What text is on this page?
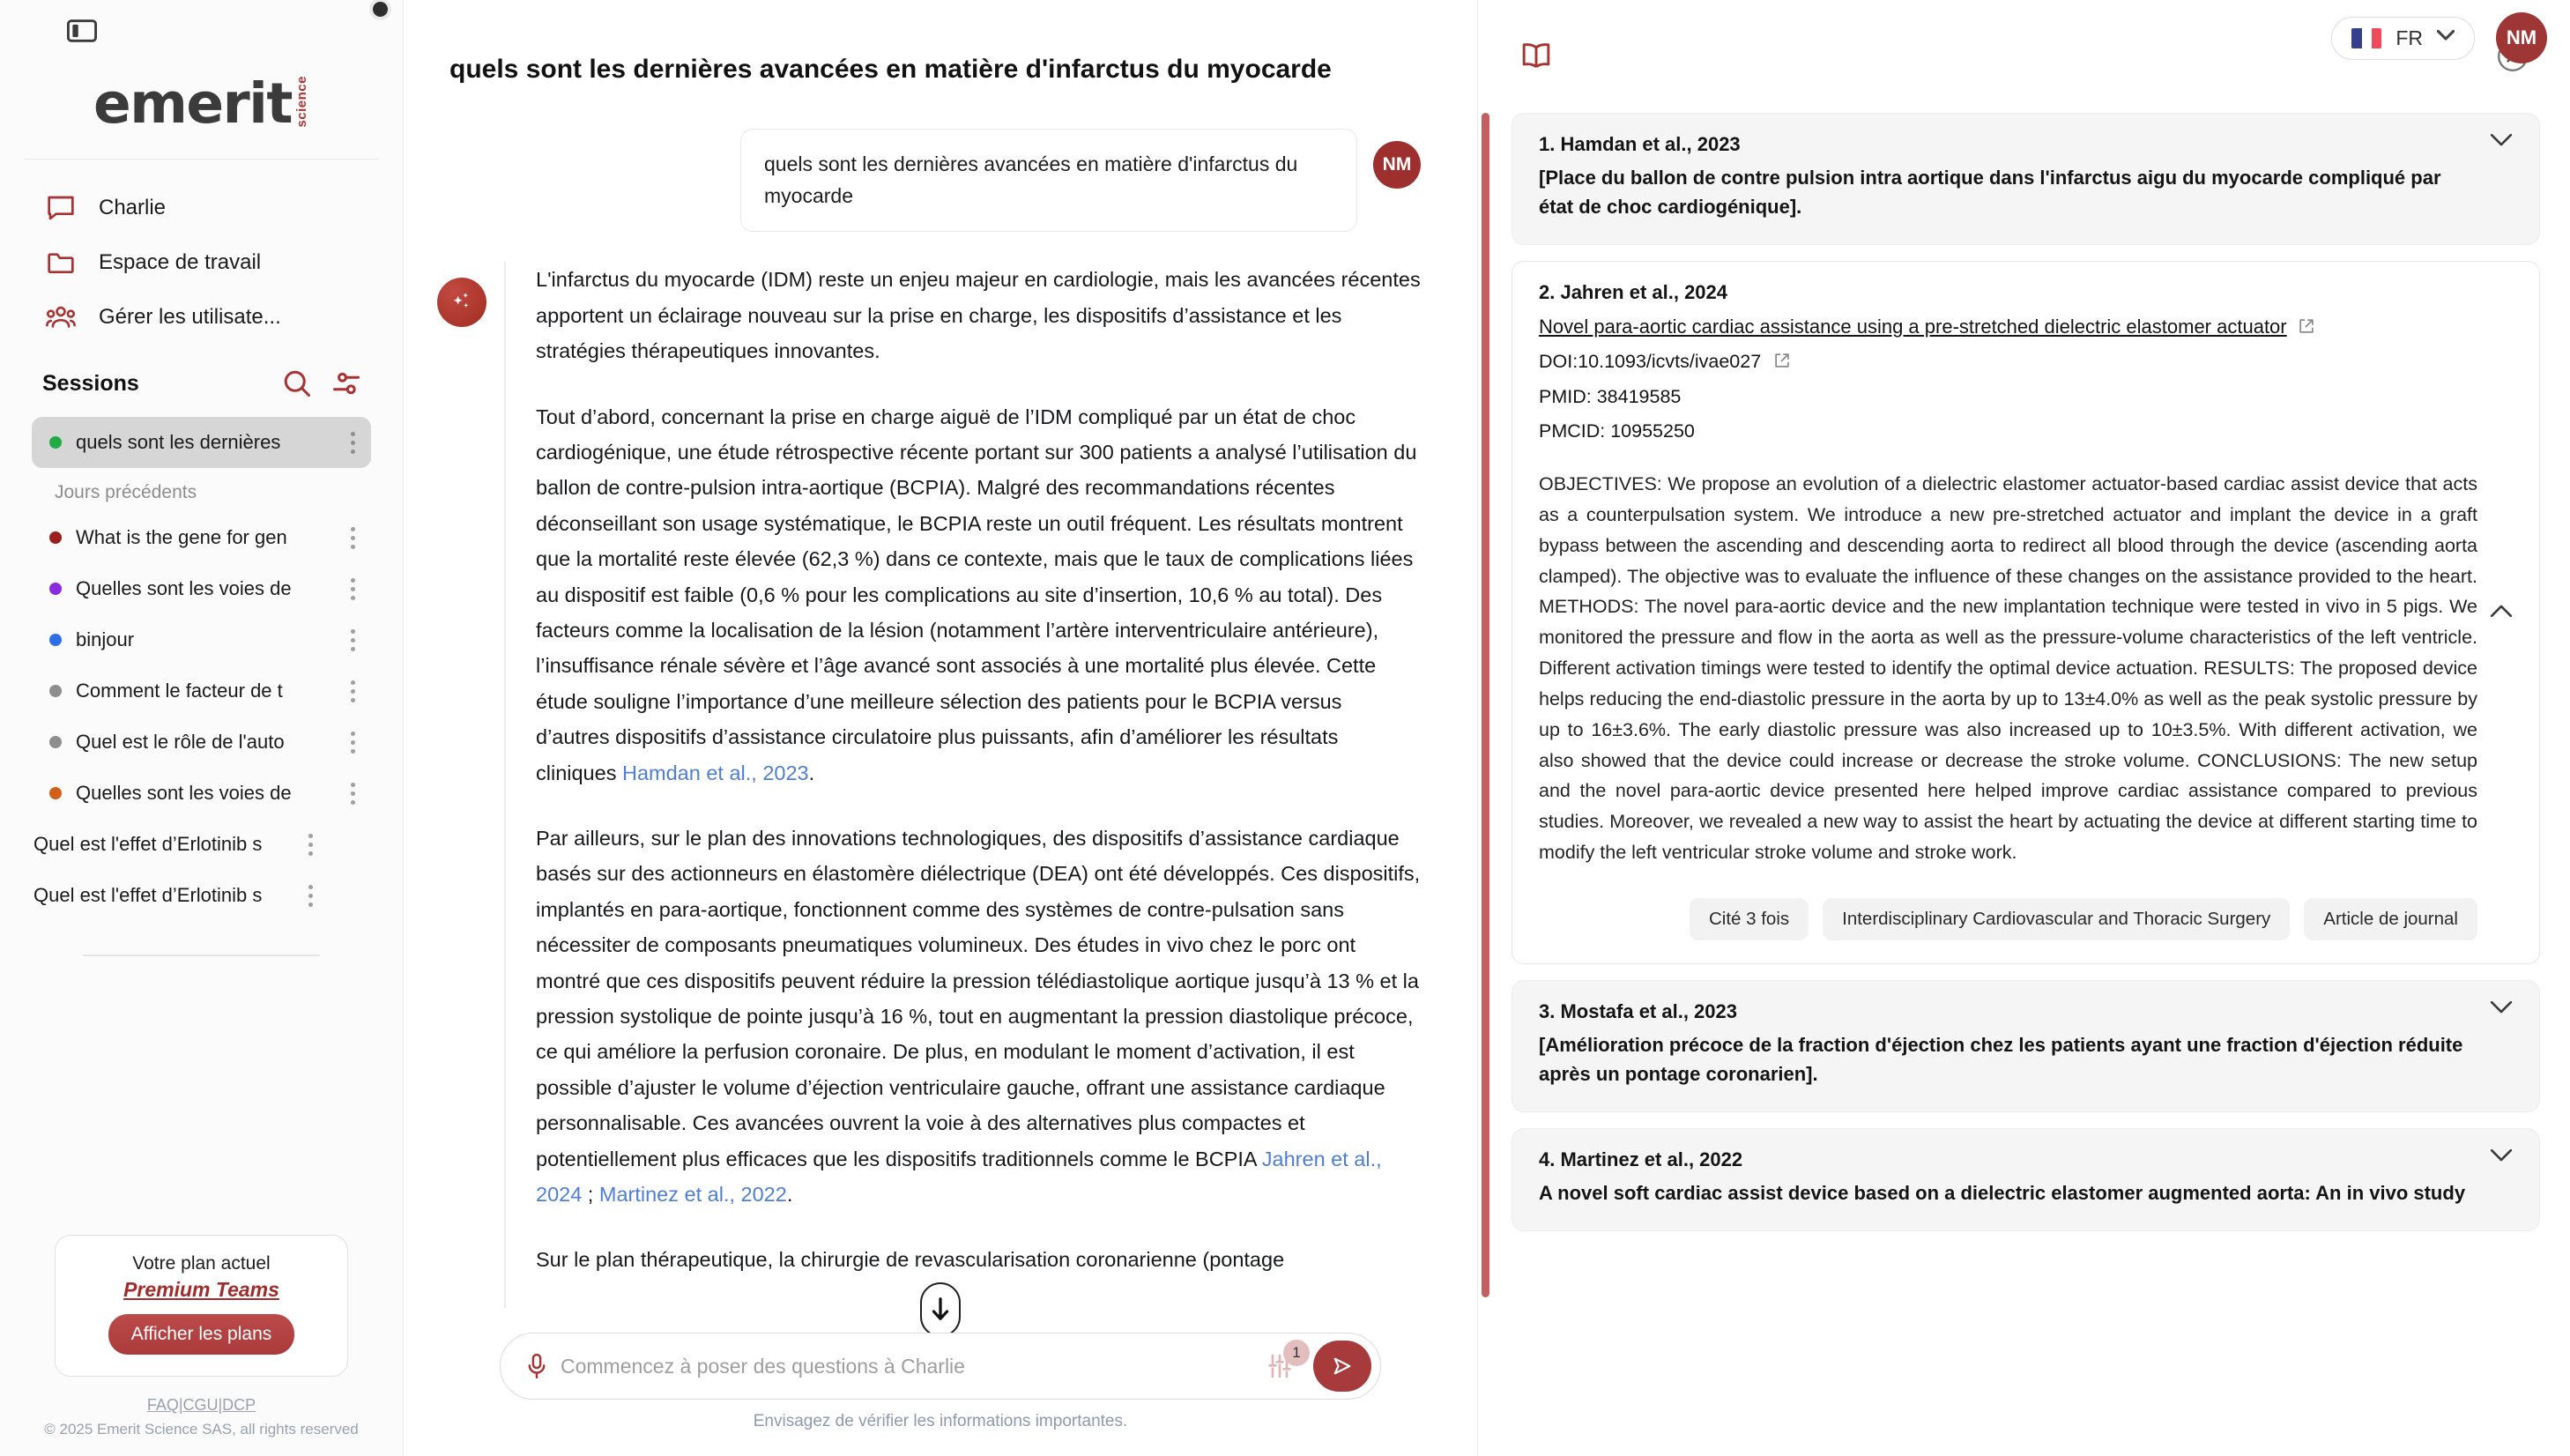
emerit science
Charlie
Espace de travail
Gérer les utilisate...
Sessions
quels sont les dernières
Jours précédents
What is the gene for gen
Quelles sont les voies de
binjour
Comment le facteur de t
Quel est le rôle de l'auto
Quelles sont les voies de
Quel est l'effet d’Erlotinib s
Quel est l'effet d’Erlotinib s
Votre plan actuel
Premium Teams
Afficher les plans
FAQ|CGU|DCP
© 2025 Emerit Science SAS, all rights reserved
quels sont les dernières avancées en matière d'infarctus du myocarde
quels sont les dernières avancées en matière d'infarctus du myocarde
NM

L'infarctus du myocarde (IDM) reste un enjeu majeur en cardiologie, mais les avancées récentes apportent un éclairage nouveau sur la prise en charge, les dispositifs d’assistance et les stratégies thérapeutiques innovantes.

Tout d’abord, concernant la prise en charge aiguë de l’IDM compliqué par un état de choc cardiogénique, une étude rétrospective récente portant sur 300 patients a analysé l’utilisation du ballon de contre-pulsion intra-aortique (BCPIA). Malgré des recommandations récentes déconseillant son usage systématique, le BCPIA reste un outil fréquent. Les résultats montrent que la mortalité reste élevée (62,3 %) dans ce contexte, mais que le taux de complications liées au dispositif est faible (0,6 % pour les complications au site d’insertion, 10,6 % au total). Des facteurs comme la localisation de la lésion (notamment l’artère interventriculaire antérieure), l’insuffisance rénale sévère et l’âge avancé sont associés à une mortalité plus élevée. Cette étude souligne l’importance d’une meilleure sélection des patients pour le BCPIA versus d’autres dispositifs d’assistance circulatoire plus puissants, afin d’améliorer les résultats cliniques Hamdan et al., 2023.

Par ailleurs, sur le plan des innovations technologiques, des dispositifs d’assistance cardiaque basés sur des actionneurs en élastomère diélectrique (DEA) ont été développés. Ces dispositifs, implantés en para-aortique, fonctionnent comme des systèmes de contre-pulsation sans nécessiter de composants pneumatiques volumineux. Des études in vivo chez le porc ont montré que ces dispositifs peuvent réduire la pression télédiastolique aortique jusqu’à 13 % et la pression systolique de pointe jusqu’à 16 %, tout en augmentant la pression diastolique précoce, ce qui améliore la perfusion coronaire. De plus, en modulant le moment d’activation, il est possible d’ajuster le volume d’éjection ventriculaire gauche, offrant une assistance cardiaque personnalisable. Ces avancées ouvrent la voie à des alternatives plus compactes et potentiellement plus efficaces que les dispositifs traditionnels comme le BCPIA Jahren et al., 2024 ; Martinez et al., 2022.

Sur le plan thérapeutique, la chirurgie de revascularisation coronarienne (pontage

Commencez à poser des questions à Charlie
1
Envisagez de vérifier les informations importantes.
1. Hamdan et al., 2023
[Place du ballon de contre pulsion intra aortique dans l'infarctus aigu du myocarde compliqué par état de choc cardiogénique].
2. Jahren et al., 2024
Novel para-aortic cardiac assistance using a pre-stretched dielectric elastomer actuator
DOI:10.1093/icvts/ivae027
PMID: 38419585
PMCID: 10955250
OBJECTIVES: We propose an evolution of a dielectric elastomer actuator-based cardiac assist device that acts as a counterpulsation system. We introduce a new pre-stretched actuator and implant the device in a graft bypass between the ascending and descending aorta to redirect all blood through the device (ascending aorta clamped). The objective was to evaluate the influence of these changes on the assistance provided to the heart. METHODS: The novel para-aortic device and the new implantation technique were tested in vivo in 5 pigs. We monitored the pressure and flow in the aorta as well as the pressure-volume characteristics of the left ventricle. Different activation timings were tested to identify the optimal device actuation. RESULTS: The proposed device helps reducing the end-diastolic pressure in the aorta by up to 13±4.0% as well as the peak systolic pressure by up to 16±3.6%. The early diastolic pressure was also increased up to 10±3.5%. With different activation, we also showed that the device could increase or decrease the stroke volume. CONCLUSIONS: The new setup and the novel para-aortic device presented here helped improve cardiac assistance compared to previous studies. Moreover, we revealed a new way to assist the heart by actuating the device at different starting time to modify the left ventricular stroke volume and stroke work.
Cité 3 fois	Interdisciplinary Cardiovascular and Thoracic Surgery	Article de journal
3. Mostafa et al., 2023
[Amélioration précoce de la fraction d'éjection chez les patients ayant une fraction d'éjection réduite après un pontage coronarien].
4. Martinez et al., 2022
A novel soft cardiac assist device based on a dielectric elastomer augmented aorta: An in vivo study
FR	NM
